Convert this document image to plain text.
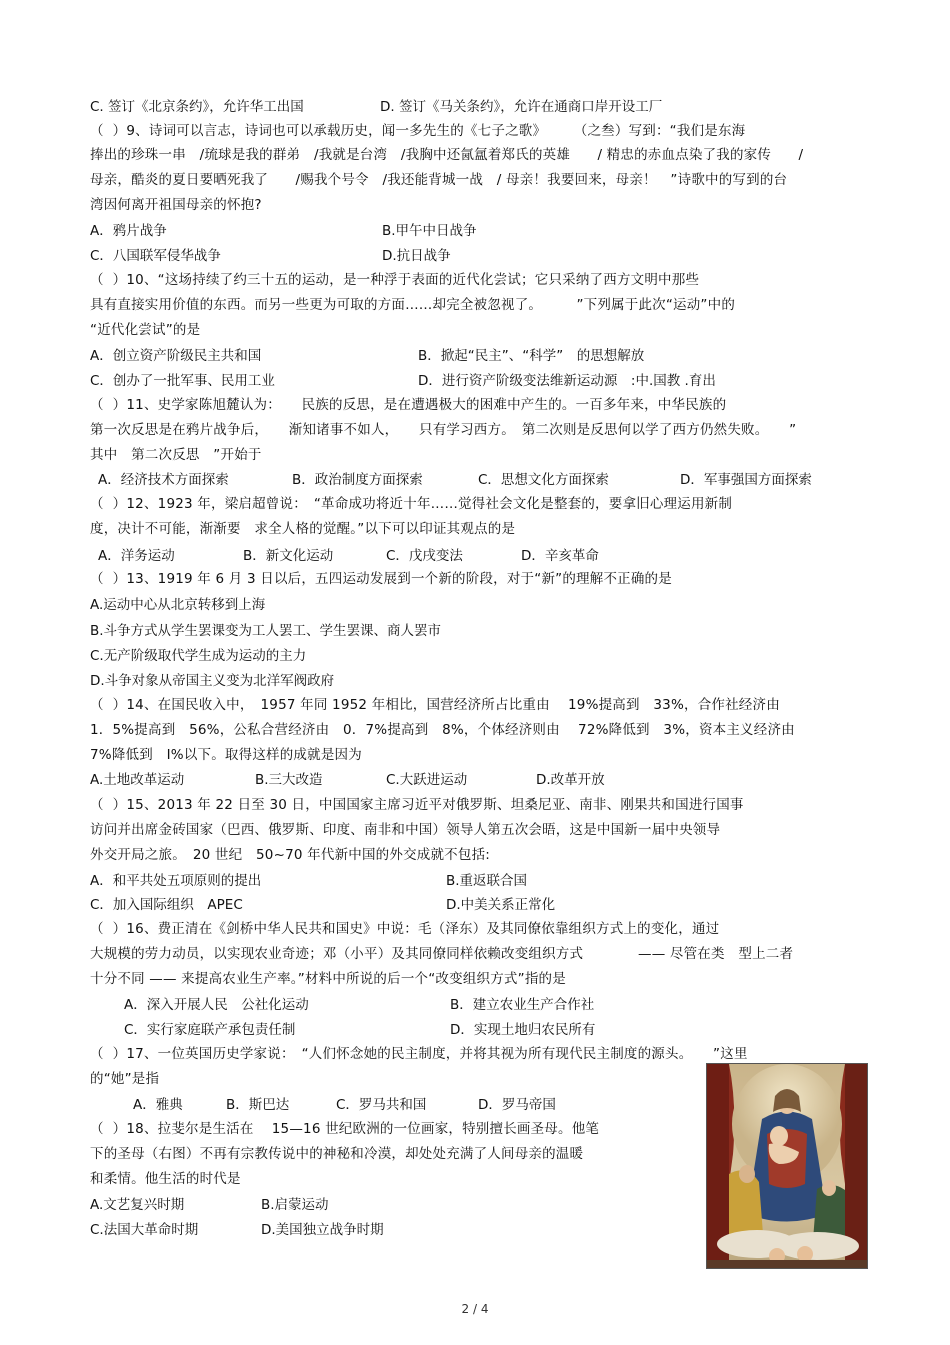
C. 签订《北京条约》，允许华工出国	D. 签订《马关条约》，允许在通商口岸开设工厂
（  ）9、诗词可以言志，诗词也可以承载历史，闻一多先生的《七子之歌》　　　（之叁）写到：“我们是东海
捧出的珍珠一串　/琉球是我的群弟　/我就是台湾　/我胸中还氤氲着郑氏的英雄　　/ 精忠的赤血点染了我的家传　　/
母亲，酷炎的夏日要晒死我了　　/赐我个号令　/我还能背城一战　/ 母亲！我要回来，母亲！　”诗歌中的写到的台
湾因何离开祖国母亲的怀抱?
A．鸦片战争	B.甲午中日战争
C．八国联军侵华战争	D.抗日战争
（  ）10、“这场持续了约三十五的运动，是一种浮于表面的近代化尝试；它只采纳了西方文明中那些
具有直接实用价值的东西。而另一些更为可取的方面……却完全被忽视了。　　　”下列属于此次“运动”中的
“近代化尝试”的是
A．创立资产阶级民主共和国	B．掀起“民主”、“科学”　的思想解放
C．创办了一批军事、民用工业	D．进行资产阶级变法维新运动源　:中.国教 .育出
（  ）11、史学家陈旭麓认为：　　民族的反思，是在遭遇极大的困难中产生的。一百多年来，中华民族的
第一次反思是在鸦片战争后，　　渐知诸事不如人，　　只有学习西方。　第二次则是反思何以学了西方仍然失败。　　”
其中　第二次反思　”开始于
A．经济技术方面探索	B．政治制度方面探索	C．思想文化方面探索	D．军事强国方面探索
（  ）12、1923 年，梁启超曾说：　“革命成功将近十年……觉得社会文化是整套的，要拿旧心理运用新制
度，决计不可能，渐渐要　求全人格的觉醒。”以下可以印证其观点的是
A．洋务运动	B．新文化运动	C．戊戌变法	D．辛亥革命
（  ）13、1919 年 6 月 3 日以后，五四运动发展到一个新的阶段，对于“新”的理解不正确的是
A.运动中心从北京转移到上海
B.斗争方式从学生罢课变为工人罢工、学生罢课、商人罢市
C.无产阶级取代学生成为运动的主力
D.斗争对象从帝国主义变为北洋军阀政府
（  ）14、在国民收入中，　1957 年同 1952 年相比，国营经济所占比重由　 19%提高到　33%，合作社经济由
1．5%提高到　56%，公私合营经济由　0．7%提高到　8%，个体经济则由　 72%降低到　3%，资本主义经济由
7%降低到　I%以下。取得这样的成就是因为
A.土地改革运动	B.三大改造	C.大跃进运动	D.改革开放
（  ）15、2013 年 22 日至 30 日，中国国家主席习近平对俄罗斯、坦桑尼亚、南非、刚果共和国进行国事
访问并出席金砖国家（巴西、俄罗斯、印度、南非和中国）领导人第五次会晤，这是中国新一届中央领导
外交开局之旅。　20 世纪　50~70 年代新中国的外交成就不包括:
A．和平共处五项原则的提出	B.重返联合国
C．加入国际组织　APEC	D.中美关系正常化
（  ）16、费正清在《剑桥中华人民共和国史》中说：毛（泽东）及其同僚依靠组织方式上的变化，通过
大规模的劳力动员，以实现农业奇迹；邓（小平）及其同僚同样依赖改变组织方式　　　　—— 尽管在类　型上二者
十分不同 —— 来提高农业生产率。”材料中所说的后一个“改变组织方式”指的是
A．深入开展人民　公社化运动	B．建立农业生产合作社
C．实行家庭联产承包责任制	D．实现土地归农民所有
（  ）17、一位英国历史学家说：　“人们怀念她的民主制度，并将其视为所有现代民主制度的源头。　　”这里
的“她”是指
A．雅典	B．斯巴达	C．罗马共和国	D．罗马帝国
（  ）18、拉斐尔是生活在　 15—16 世纪欧洲的一位画家，特别擅长画圣母。他笔
下的圣母（右图）不再有宗教传说中的神秘和冷漠，却处处充满了人间母亲的温暖
和柔情。他生活的时代是
A.文艺复兴时期	B.启蒙运动
C.法国大革命时期	D.美国独立战争时期
2 / 4
